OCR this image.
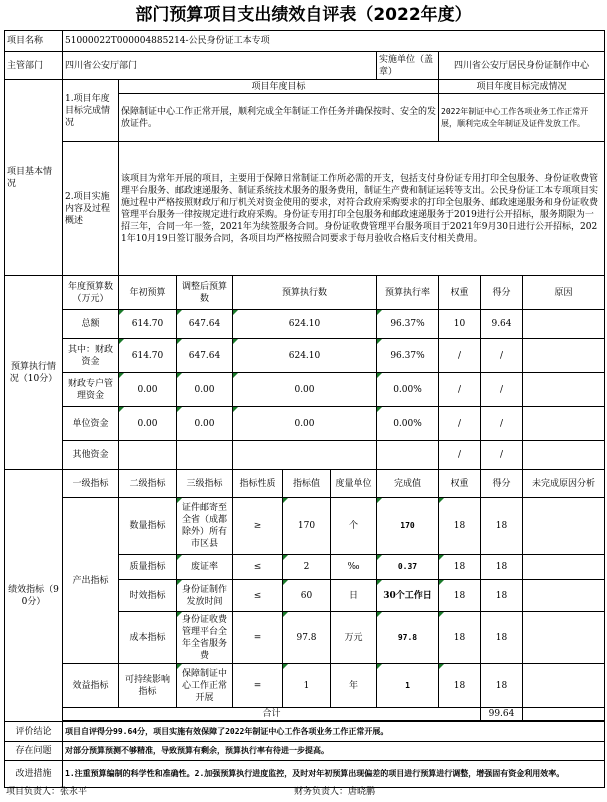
部门预算项目支出绩效自评表（2022年度）
项目名称	51000022T000004885214-公民身份证工本专项									
主管部门	四川省公安厅部门						实施单位（盖章）	四川省公安厅居民身份证制作中心		
项目基本情况	1.项目年度目标完成情况	项目年度目标						项目年度目标完成情况		
		保障制证中心工作正常开展，顺利完成全年制证工作任务并确保按时、安全的发放证件。						2022年制证中心工作各项业务工作正常开展，顺利完成全年制证及证件发放工作。		
	2.项目实施内容及过程概述	该项目为常年开展的项目，主要用于保障日常制证工作所必需的开支，包括支付身份证专用打印全包服务、身份证收费管理平台服务、邮政速递服务、制证系统技术服务的服务费用，制证生产费和制证运转等支出。公民身份证工本专项项目实施过程中严格按照财政厅和厅机关对资金使用的要求，对符合政府采购要求的打印全包服务、邮政速递服务和身份证收费管理平台服务一律按规定进行政府采购。身份证专用打印全包服务和邮政速递服务于2019进行公开招标，服务期限为一招三年，合同一年一签，2021年为续签服务合同。身份证收费管理平台服务项目于2021年9月30日进行公开招标，2021年10月19日签订服务合同，各项目均严格按照合同要求于每月验收合格后支付相关费用。								

预算执行情况（10分）	年度预算数（万元）	年初预算	调整后预算数	预算执行数			预算执行率	权重	得分	原因
	总额	614.70	647.64	624.10			96.37%	10	9.64	
	其中：财政资金	614.70	647.64	624.10			96.37%	/	/	
	财政专户管理资金	0.00	0.00	0.00			0.00%	/	/	
	单位资金	0.00	0.00	0.00			0.00%	/	/	
	其他资金							/	/	
绩效指标（90分）	一级指标	二级指标	三级指标	指标性质	指标值	度量单位	完成值	权重	得分	未完成原因分析
	产出指标	数量指标	证件邮寄至全省（成都除外）所有市区县	≥	170	个	170	18	18	
		质量指标	废证率	≤	2	‰	0.37	18	18	
		时效指标	身份证制作发放时间	≤	60	日	30个工作日	18	18	
		成本指标	身份证收费管理平台全年全省服务费	=	97.8	万元	97.8	18	18	
	效益指标	可持续影响指标	保障制证中心工作正常开展	=	1	年	1	18	18	
	合计								99.64	

评价结论	项目自评得分99.64分，项目实施有效保障了2022年制证中心工作各项业务工作正常开展。									
存在问题	对部分预算预测不够精准，导致预算有剩余，预算执行率有待进一步提高。									
改进措施	1.注重预算编制的科学性和准确性。2.加强预算执行进度监控，及时对年初预算出现偏差的项目进行预算进行调整，增强固有资金利用效率。									
项目负责人：张永平	财务负责人：唐晓鹏
